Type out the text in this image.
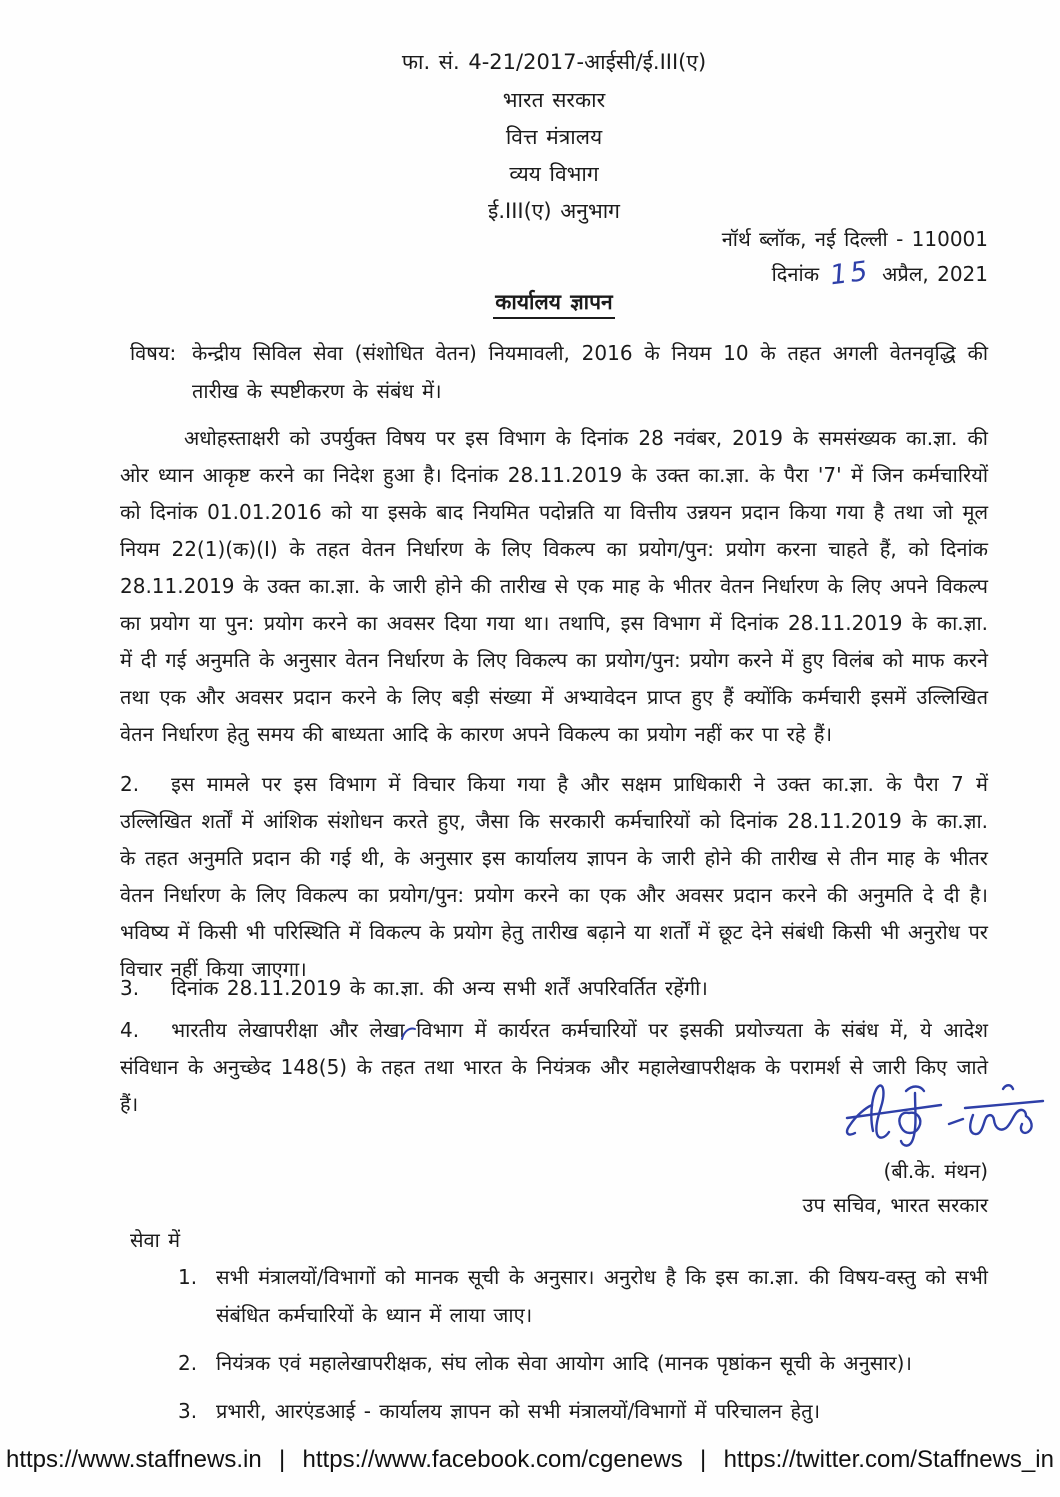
फा. सं. 4-21/2017-आईसी/ई.III(ए)
भारत सरकार
वित्त मंत्रालय
व्यय विभाग
ई.III(ए) अनुभाग
नॉर्थ ब्लॉक, नई दिल्ली - 110001
दिनांक 15 अप्रैल, 2021
कार्यालय ज्ञापन
विषय: केन्द्रीय सिविल सेवा (संशोधित वेतन) नियमावली, 2016 के नियम 10 के तहत अगली वेतनवृद्धि की तारीख के स्पष्टीकरण के संबंध में।
अधोहस्ताक्षरी को उपर्युक्त विषय पर इस विभाग के दिनांक 28 नवंबर, 2019 के समसंख्यक का.ज्ञा. की ओर ध्यान आकृष्ट करने का निदेश हुआ है। दिनांक 28.11.2019 के उक्त का.ज्ञा. के पैरा '7' में जिन कर्मचारियों को दिनांक 01.01.2016 को या इसके बाद नियमित पदोन्नति या वित्तीय उन्नयन प्रदान किया गया है तथा जो मूल नियम 22(1)(क)(I) के तहत वेतन निर्धारण के लिए विकल्प का प्रयोग/पुन: प्रयोग करना चाहते हैं, को दिनांक 28.11.2019 के उक्त का.ज्ञा. के जारी होने की तारीख से एक माह के भीतर वेतन निर्धारण के लिए अपने विकल्प का प्रयोग या पुन: प्रयोग करने का अवसर दिया गया था। तथापि, इस विभाग में दिनांक 28.11.2019 के का.ज्ञा. में दी गई अनुमति के अनुसार वेतन निर्धारण के लिए विकल्प का प्रयोग/पुन: प्रयोग करने में हुए विलंब को माफ करने तथा एक और अवसर प्रदान करने के लिए बड़ी संख्या में अभ्यावेदन प्राप्त हुए हैं क्योंकि कर्मचारी इसमें उल्लिखित वेतन निर्धारण हेतु समय की बाध्यता आदि के कारण अपने विकल्प का प्रयोग नहीं कर पा रहे हैं।
2. इस मामले पर इस विभाग में विचार किया गया है और सक्षम प्राधिकारी ने उक्त का.ज्ञा. के पैरा 7 में उल्लिखित शर्तों में आंशिक संशोधन करते हुए, जैसा कि सरकारी कर्मचारियों को दिनांक 28.11.2019 के का.ज्ञा. के तहत अनुमति प्रदान की गई थी, के अनुसार इस कार्यालय ज्ञापन के जारी होने की तारीख से तीन माह के भीतर वेतन निर्धारण के लिए विकल्प का प्रयोग/पुन: प्रयोग करने का एक और अवसर प्रदान करने की अनुमति दे दी है। भविष्य में किसी भी परिस्थिति में विकल्प के प्रयोग हेतु तारीख बढ़ाने या शर्तों में छूट देने संबंधी किसी भी अनुरोध पर विचार नहीं किया जाएगा।
3. दिनांक 28.11.2019 के का.ज्ञा. की अन्य सभी शर्तें अपरिवर्तित रहेंगी।
4. भारतीय लेखापरीक्षा और लेखा विभाग में कार्यरत कर्मचारियों पर इसकी प्रयोज्यता के संबंध में, ये आदेश संविधान के अनुच्छेद 148(5) के तहत तथा भारत के नियंत्रक और महालेखापरीक्षक के परामर्श से जारी किए जाते हैं।
(बी.के. मंथन)
उप सचिव, भारत सरकार
सेवा में
1. सभी मंत्रालयों/विभागों को मानक सूची के अनुसार। अनुरोध है कि इस का.ज्ञा. की विषय-वस्तु को सभी संबंधित कर्मचारियों के ध्यान में लाया जाए।
2. नियंत्रक एवं महालेखापरीक्षक, संघ लोक सेवा आयोग आदि (मानक पृष्ठांकन सूची के अनुसार)।
3. प्रभारी, आरएंडआई - कार्यालय ज्ञापन को सभी मंत्रालयों/विभागों में परिचालन हेतु।
https://www.staffnews.in | https://www.facebook.com/cgenews | https://twitter.com/Staffnews_in
